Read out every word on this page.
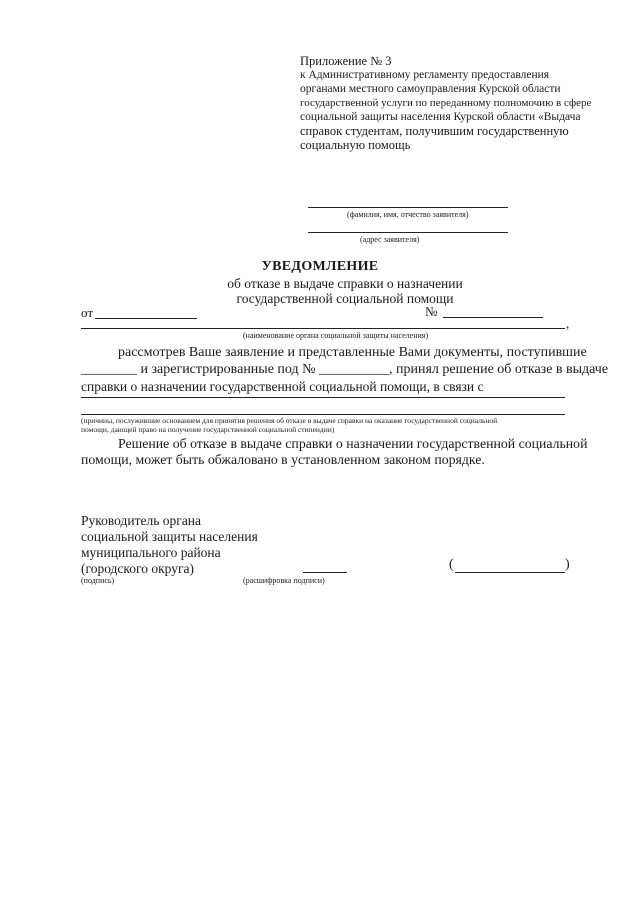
Приложение № 3
к Административному регламенту предоставления
органами местного самоуправления Курской области
государственной услуги по переданному полномочию в сфере
социальной защиты населения Курской области «Выдача
справок студентам, получившим государственную
социальную помощь
(фамилия, имя, отчество заявителя)
(адрес заявителя)
УВЕДОМЛЕНИЕ
об отказе в выдаче справки о назначении
государственной социальной помощи
от	№
,
(наименование органа социальной защиты населения)
рассмотрев Ваше заявление и представленные Вами документы, поступившие
________ и зарегистрированные под № __________, принял решение об отказе в выдаче
справки о назначении государственной социальной помощи, в связи с
(причины, послужившие основанием для принятия решения об отказе в выдаче справки на оказание государственной социальной
помощи, дающей право на получение государственной социальной стипендии)
Решение об отказе в выдаче справки о назначении государственной социальной
помощи, может быть обжаловано в установленном законом порядке.
Руководитель органа
социальной защиты населения
муниципального района
(городского округа)	(	)
(подпись)	(расшифровка подписи)
